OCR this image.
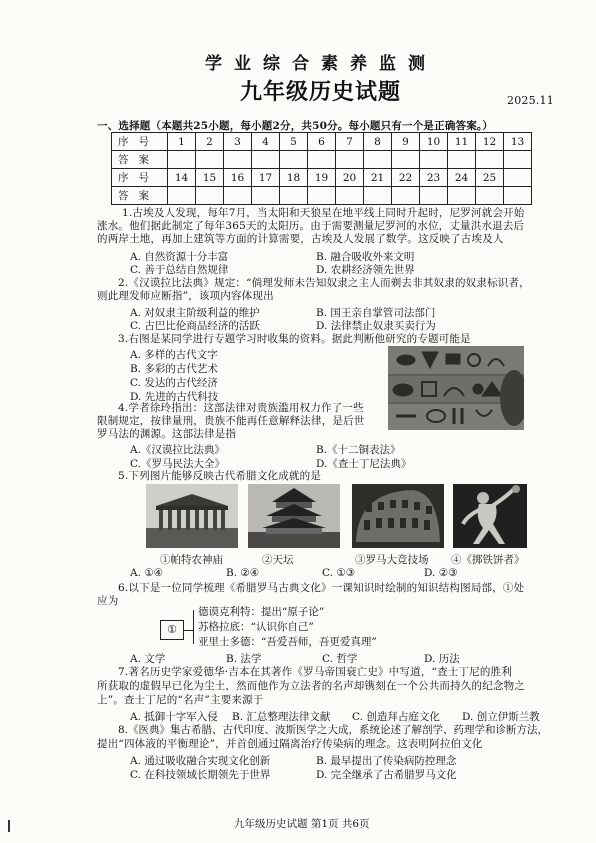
学业综合素养监测
九年级历史试题	2025.11
一、选择题（本题共25小题，每小题2分，共50分。每小题只有一个是正确答案。）
序号	1	2	3	4	5	6	7	8	9	10	11	12	13
答案													
序号	14	15	16	17	18	19	20	21	22	23	24	25	
答案													
1.古埃及人发现，每年7月，当太阳和天狼星在地平线上同时升起时，尼罗河就会开始
涨水。他们据此制定了每年365天的太阳历。由于需要测量尼罗河的水位，丈量洪水退去后
的两岸土地，再加上建筑等方面的计算需要，古埃及人发展了数学。这反映了古埃及人
A. 自然资源十分丰富	B. 融合吸收外来文明
C. 善于总结自然规律	D. 农耕经济领先世界
2.《汉谟拉比法典》规定：“倘理发师未告知奴隶之主人而剃去非其奴隶的奴隶标识者，
则此理发师应断指”，该项内容体现出
A. 对奴隶主阶级利益的维护	B. 国王亲自掌管司法部门
C. 古巴比伦商品经济的活跃	D. 法律禁止奴隶买卖行为
3.右图是某同学进行专题学习时收集的资料。据此判断他研究的专题可能是
A. 多样的古代文字
B. 多彩的古代艺术
C. 发达的古代经济
D. 先进的古代科技
4.学者徐玲指出：这部法律对贵族滥用权力作了一些
限制规定，按律量刑，贵族不能再任意解释法律，是后世
罗马法的渊源。这部法律是指
A.《汉谟拉比法典》	B.《十二铜表法》
C.《罗马民法大全》	D.《查士丁尼法典》
5.下列图片能够反映古代希腊文化成就的是
①帕特农神庙	②天坛	③罗马大竞技场 ④《掷铁饼者》
A. ①④	B. ②④	C. ①③	D. ②③
6.以下是一位同学梳理《希腊罗马古典文化》一课知识时绘制的知识结构图局部，①处
应为
①
德谟克利特：提出“原子论”
苏格拉底：“认识你自己”
亚里士多德：“吾爱吾师，吾更爱真理”
A. 文学	B. 法学	C. 哲学	D. 历法
7.著名历史学家爱德华·吉本在其著作《罗马帝国衰亡史》中写道，“查士丁尼的胜利
所获取的虚假早已化为尘土，然而他作为立法者的名声却镌刻在一个公共而持久的纪念物之
上”。查士丁尼的“名声”主要来源于
A. 抵御十字军入侵 B. 汇总整理法律文献 C. 创造拜占庭文化 D. 创立伊斯兰教
8.《医典》集古希腊、古代印度、波斯医学之大成，系统论述了解剖学、药理学和诊断方法，
提出“四体液的平衡理论”，并首创通过隔离治疗传染病的理念。这表明阿拉伯文化
A. 通过吸收融合实现文化创新	B. 最早提出了传染病防控理念
C. 在科技领域长期领先于世界	D. 完全继承了古希腊罗马文化
九年级历史试题 第1页 共6页
